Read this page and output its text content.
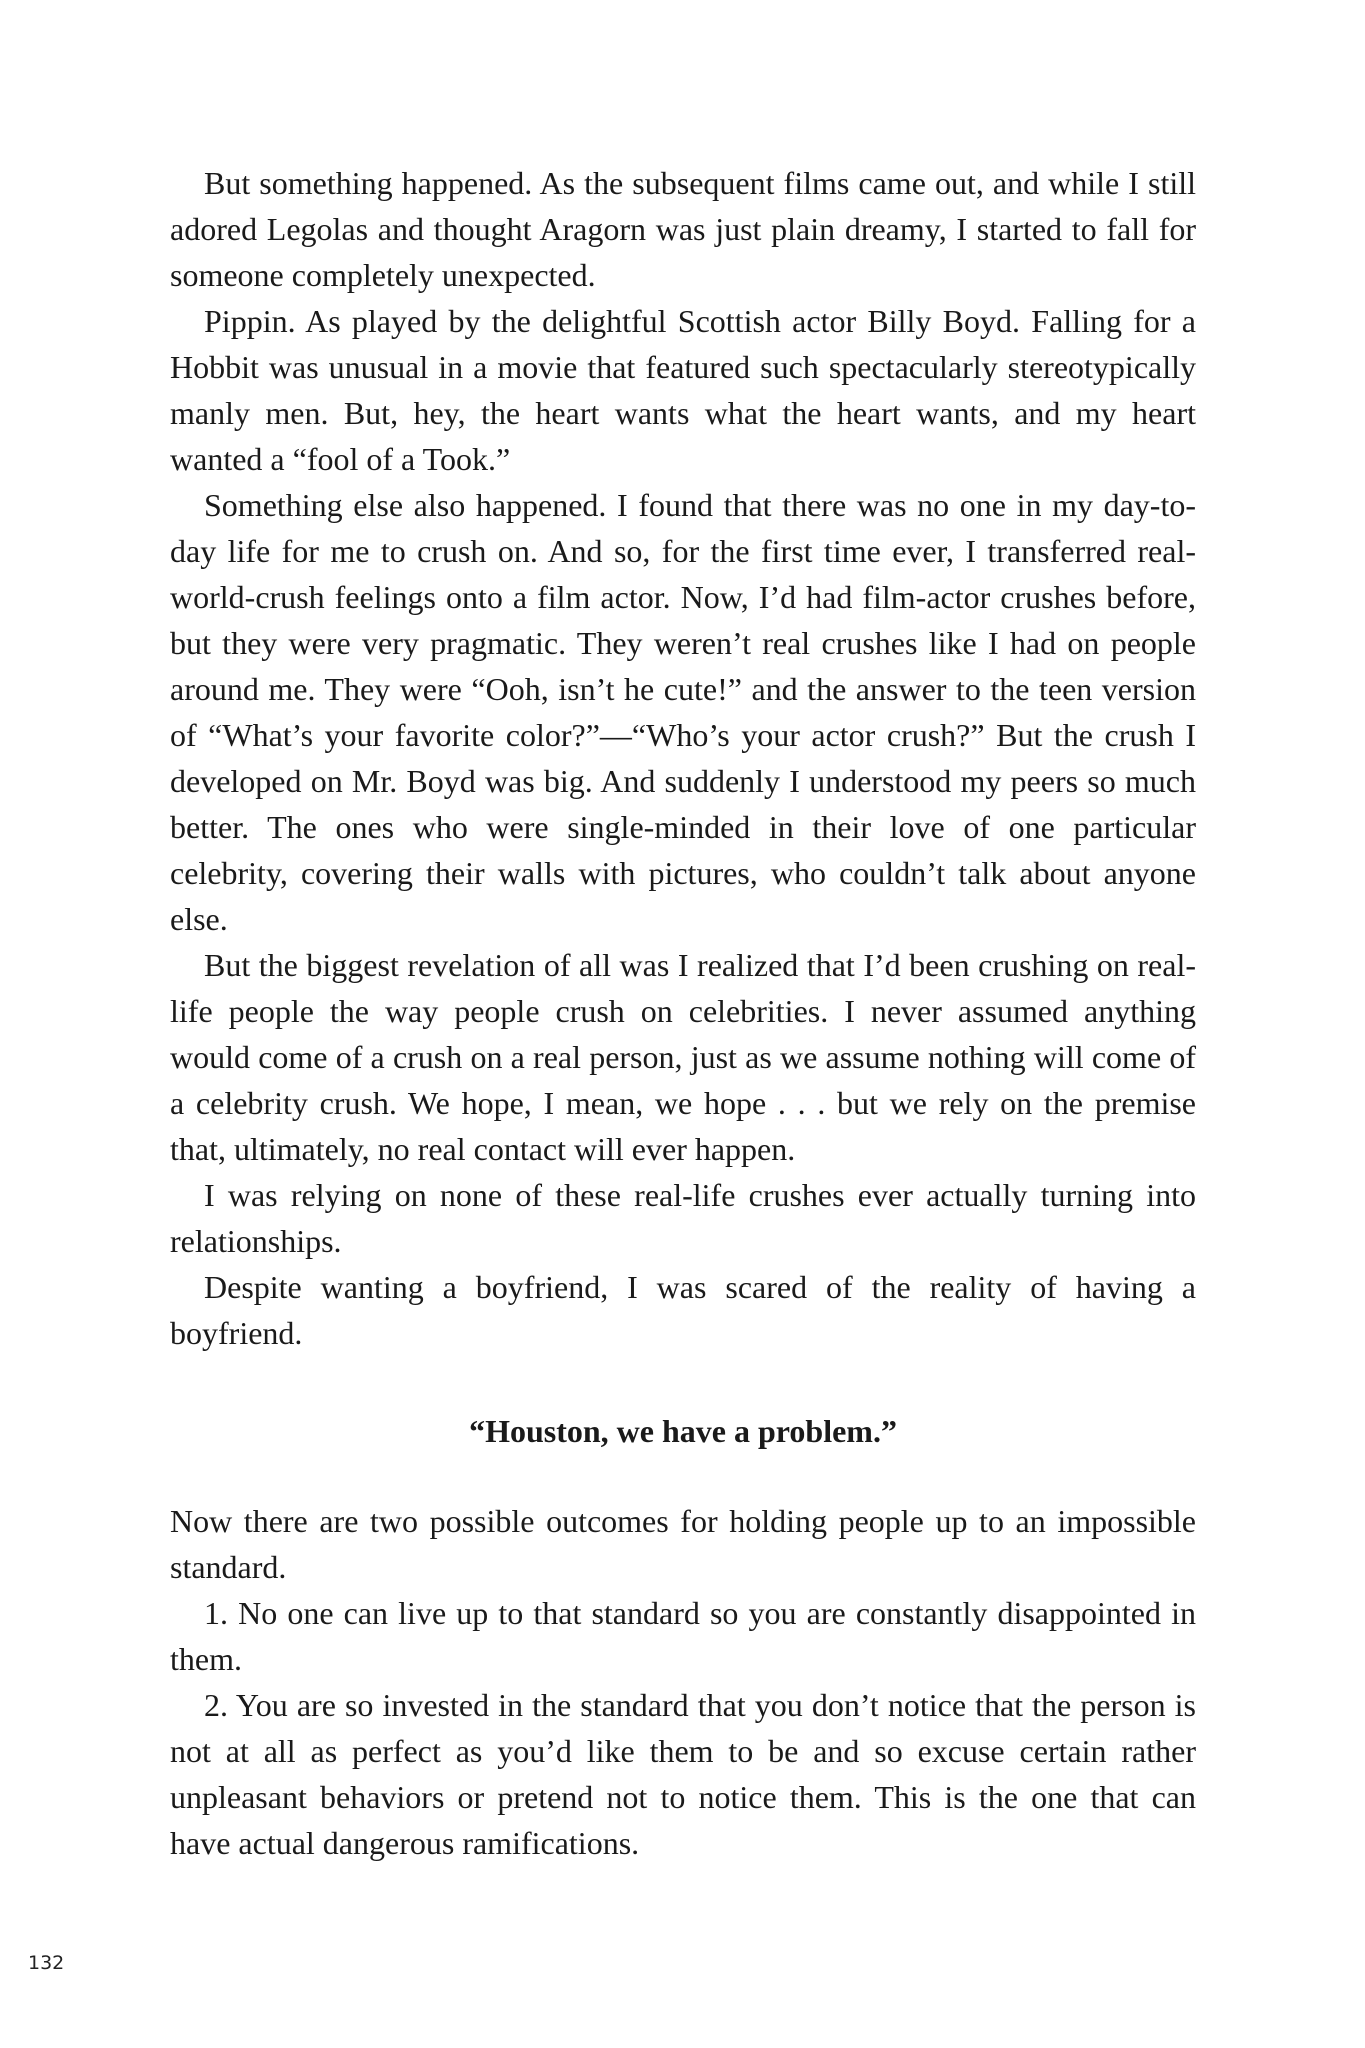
But something happened. As the subsequent films came out, and while I still adored Legolas and thought Aragorn was just plain dreamy, I started to fall for someone completely unexpected.

Pippin. As played by the delightful Scottish actor Billy Boyd. Falling for a Hobbit was unusual in a movie that featured such spectacularly stereotypically manly men. But, hey, the heart wants what the heart wants, and my heart wanted a “fool of a Took.”

Something else also happened. I found that there was no one in my day-to-day life for me to crush on. And so, for the first time ever, I transferred real-world-crush feelings onto a film actor. Now, I’d had film-actor crushes before, but they were very pragmatic. They weren’t real crushes like I had on people around me. They were “Ooh, isn’t he cute!” and the answer to the teen version of “What’s your favorite color?”—“Who’s your actor crush?” But the crush I developed on Mr. Boyd was big. And suddenly I understood my peers so much better. The ones who were single-minded in their love of one particular celebrity, covering their walls with pictures, who couldn’t talk about anyone else.

But the biggest revelation of all was I realized that I’d been crushing on real-life people the way people crush on celebrities. I never assumed anything would come of a crush on a real person, just as we assume nothing will come of a celebrity crush. We hope, I mean, we hope . . . but we rely on the premise that, ultimately, no real contact will ever happen.

I was relying on none of these real-life crushes ever actually turning into relationships.

Despite wanting a boyfriend, I was scared of the reality of having a boyfriend.

“Houston, we have a problem.”

Now there are two possible outcomes for holding people up to an impossible standard.

1. No one can live up to that standard so you are constantly disappointed in them.

2. You are so invested in the standard that you don’t notice that the person is not at all as perfect as you’d like them to be and so excuse certain rather unpleasant behaviors or pretend not to notice them. This is the one that can have actual dangerous ramifications.

132
